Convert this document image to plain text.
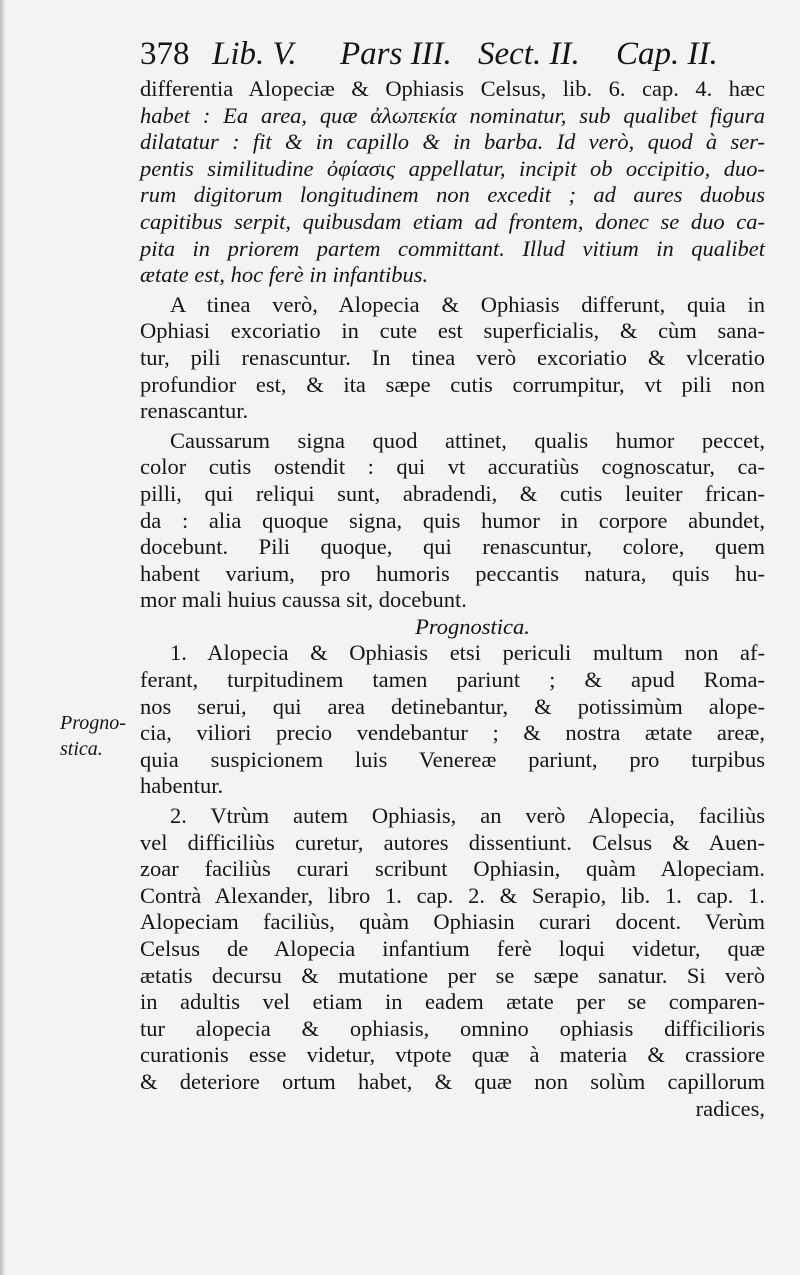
378 Lib. V. Pars III. Sect. II. Cap. II.
Progno-
stica.
differentia Alopeciæ & Ophiasis Celsus, lib. 6. cap. 4. hæc
habet : Ea area, quæ ἀλωπεκία nominatur, sub qualibet figura
dilatatur : fit & in capillo & in barba. Id verò, quod à ser-
pentis similitudine ὀφίασις appellatur, incipit ob occipitio, duo-
rum digitorum longitudinem non excedit ; ad aures duobus
capitibus serpit, quibusdam etiam ad frontem, donec se duo ca-
pita in priorem partem committant. Illud vitium in qualibet
ætate est, hoc ferè in infantibus.
A tinea verò, Alopecia & Ophiasis differunt, quia in
Ophiasi excoriatio in cute est superficialis, & cùm sana-
tur, pili renascuntur. In tinea verò excoriatio & vlceratio
profundior est, & ita sæpe cutis corrumpitur, vt pili non
renascantur.
Caussarum signa quod attinet, qualis humor peccet,
color cutis ostendit : qui vt accuratiùs cognoscatur, ca-
pilli, qui reliqui sunt, abradendi, & cutis leuiter frican-
da : alia quoque signa, quis humor in corpore abundet,
docebunt. Pili quoque, qui renascuntur, colore, quem
habent varium, pro humoris peccantis natura, quis hu-
mor mali huius caussa sit, docebunt.
Prognostica.
1. Alopecia & Ophiasis etsi periculi multum non af-
ferant, turpitudinem tamen pariunt ; & apud Roma-
nos serui, qui area detinebantur, & potissimùm alope-
cia, viliori precio vendebantur ; & nostra ætate areæ,
quia suspicionem luis Venereæ pariunt, pro turpibus
habentur.
2. Vtrùm autem Ophiasis, an verò Alopecia, faciliùs
vel difficiliùs curetur, autores dissentiunt. Celsus & Auen-
zoar faciliùs curari scribunt Ophiasin, quàm Alopeciam.
Contrà Alexander, libro 1. cap. 2. & Serapio, lib. 1. cap. 1.
Alopeciam faciliùs, quàm Ophiasin curari docent. Verùm
Celsus de Alopecia infantium ferè loqui videtur, quæ
ætatis decursu & mutatione per se sæpe sanatur. Si verò
in adultis vel etiam in eadem ætate per se comparen-
tur alopecia & ophiasis, omnino ophiasis difficilioris
curationis esse videtur, vtpote quæ à materia & crassiore
& deteriore ortum habet, & quæ non solùm capillorum
radices,
